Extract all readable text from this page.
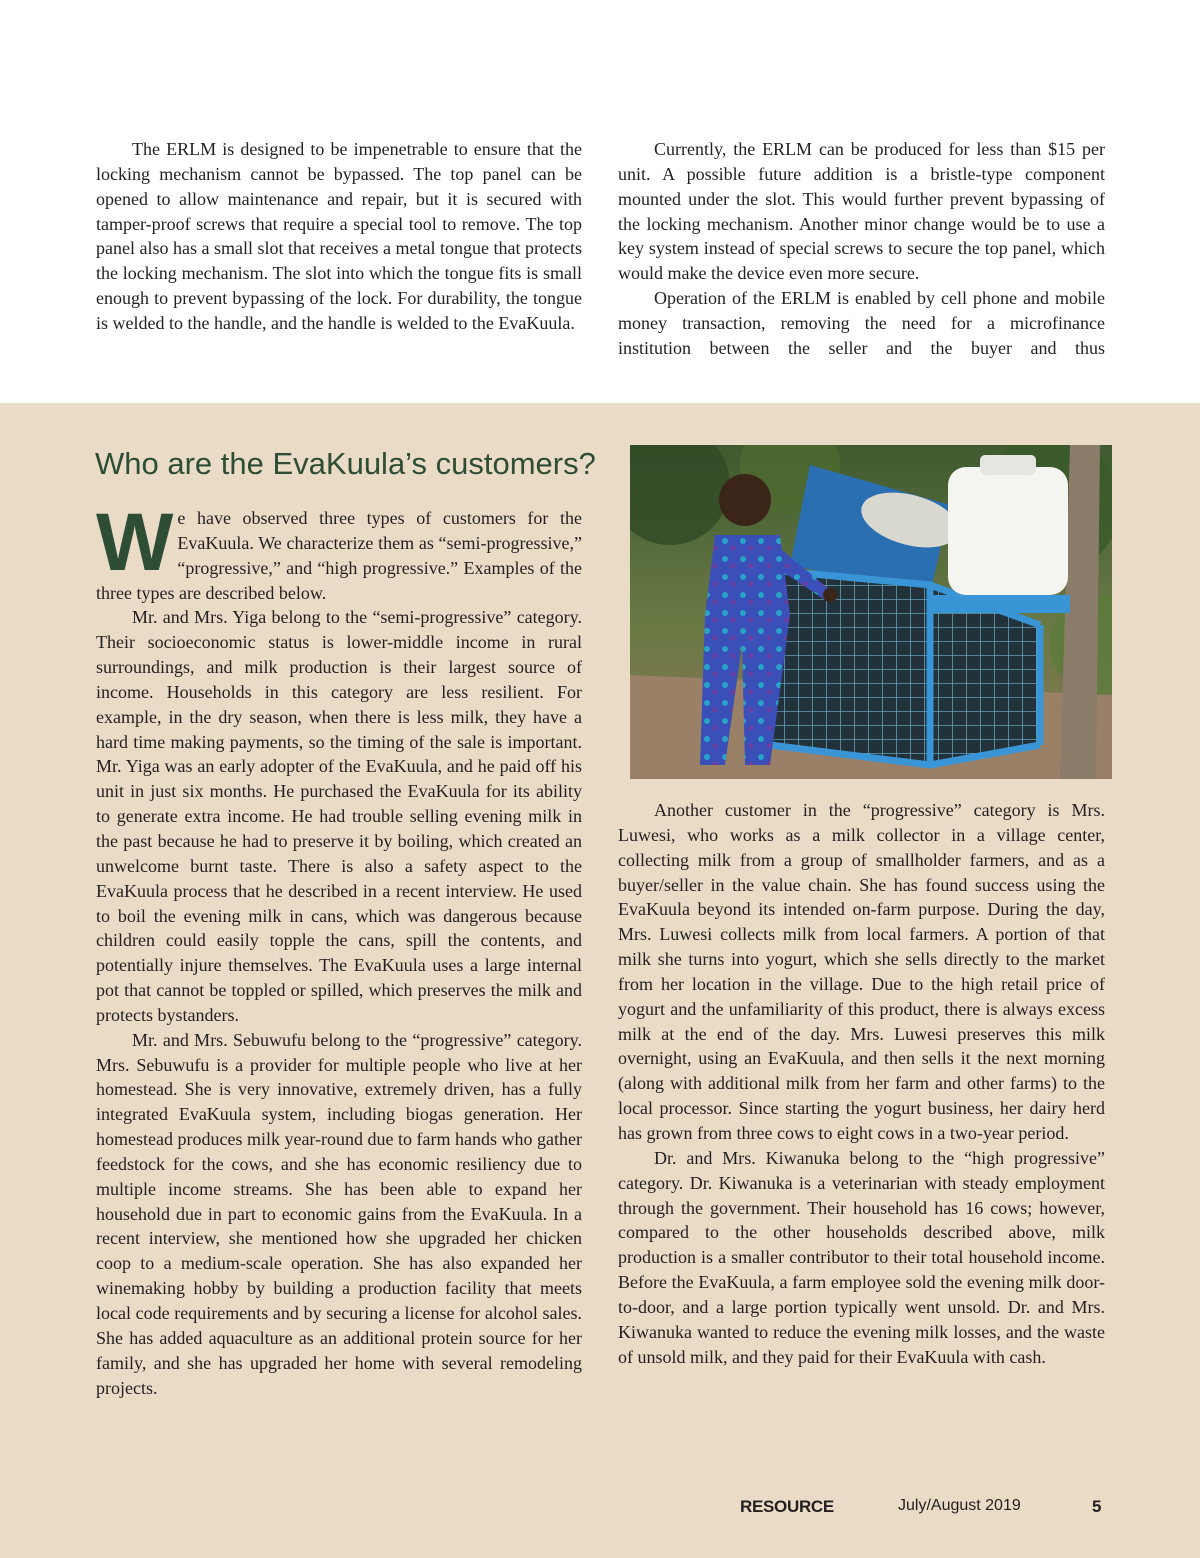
The ERLM is designed to be impenetrable to ensure that the locking mechanism cannot be bypassed. The top panel can be opened to allow maintenance and repair, but it is secured with tamper-proof screws that require a special tool to remove. The top panel also has a small slot that receives a metal tongue that protects the locking mechanism. The slot into which the tongue fits is small enough to prevent bypassing of the lock. For durability, the tongue is welded to the handle, and the handle is welded to the EvaKuula.

Currently, the ERLM can be produced for less than $15 per unit. A possible future addition is a bristle-type component mounted under the slot. This would further prevent bypassing of the locking mechanism. Another minor change would be to use a key system instead of special screws to secure the top panel, which would make the device even more secure.

Operation of the ERLM is enabled by cell phone and mobile money transaction, removing the need for a microfinance institution between the seller and the buyer and thus

Who are the EvaKuula’s customers?

We have observed three types of customers for the EvaKuula. We characterize them as “semi-progressive,” “progressive,” and “high progressive.” Examples of the three types are described below.

Mr. and Mrs. Yiga belong to the “semi-progressive” category. Their socioeconomic status is lower-middle income in rural surroundings, and milk production is their largest source of income. Households in this category are less resilient. For example, in the dry season, when there is less milk, they have a hard time making payments, so the timing of the sale is important. Mr. Yiga was an early adopter of the EvaKuula, and he paid off his unit in just six months. He purchased the EvaKuula for its ability to generate extra income. He had trouble selling evening milk in the past because he had to preserve it by boiling, which created an unwelcome burnt taste. There is also a safety aspect to the EvaKuula process that he described in a recent interview. He used to boil the evening milk in cans, which was dangerous because children could easily topple the cans, spill the contents, and potentially injure themselves. The EvaKuula uses a large internal pot that cannot be toppled or spilled, which preserves the milk and protects bystanders.

Mr. and Mrs. Sebuwufu belong to the “progressive” category. Mrs. Sebuwufu is a provider for multiple people who live at her homestead. She is very innovative, extremely driven, has a fully integrated EvaKuula system, including biogas generation. Her homestead produces milk year-round due to farm hands who gather feedstock for the cows, and she has economic resiliency due to multiple income streams. She has been able to expand her household due in part to economic gains from the EvaKuula. In a recent interview, she mentioned how she upgraded her chicken coop to a medium-scale operation. She has also expanded her winemaking hobby by building a production facility that meets local code requirements and by securing a license for alcohol sales. She has added aquaculture as an additional protein source for her family, and she has upgraded her home with several remodeling projects.

Another customer in the “progressive” category is Mrs. Luwesi, who works as a milk collector in a village center, collecting milk from a group of smallholder farmers, and as a buyer/seller in the value chain. She has found success using the EvaKuula beyond its intended on-farm purpose. During the day, Mrs. Luwesi collects milk from local farmers. A portion of that milk she turns into yogurt, which she sells directly to the market from her location in the village. Due to the high retail price of yogurt and the unfamiliarity of this product, there is always excess milk at the end of the day. Mrs. Luwesi preserves this milk overnight, using an EvaKuula, and then sells it the next morning (along with additional milk from her farm and other farms) to the local processor. Since starting the yogurt business, her dairy herd has grown from three cows to eight cows in a two-year period.

Dr. and Mrs. Kiwanuka belong to the “high progressive” category. Dr. Kiwanuka is a veterinarian with steady employment through the government. Their household has 16 cows; however, compared to the other households described above, milk production is a smaller contributor to their total household income. Before the EvaKuula, a farm employee sold the evening milk door-to-door, and a large portion typically went unsold. Dr. and Mrs. Kiwanuka wanted to reduce the evening milk losses, and the waste of unsold milk, and they paid for their EvaKuula with cash.

RESOURCE	July/August 2019	5
